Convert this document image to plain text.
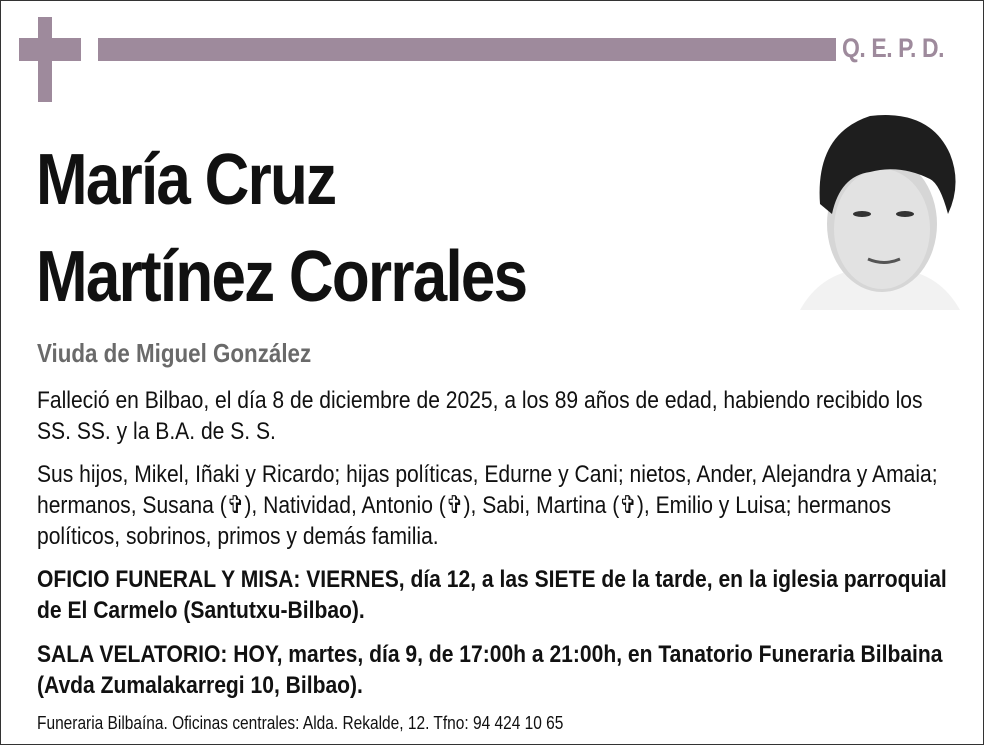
Q. E. P. D.
María Cruz
Martínez Corrales
Viuda de Miguel González
Falleció en Bilbao, el día 8 de diciembre de 2025, a los 89 años de edad, habiendo recibido los SS. SS. y la B.A. de S. S.
Sus hijos, Mikel, Iñaki y Ricardo; hijas políticas, Edurne y Cani; nietos, Ander, Alejandra y Amaia; hermanos, Susana (✞), Natividad, Antonio (✞), Sabi, Martina (✞), Emilio y Luisa; hermanos políticos, sobrinos, primos y demás familia.
OFICIO FUNERAL Y MISA: VIERNES, día 12, a las SIETE de la tarde, en la iglesia parroquial de El Carmelo (Santutxu-Bilbao).
SALA VELATORIO: HOY, martes, día 9, de 17:00h a 21:00h, en Tanatorio Funeraria Bilbaina (Avda Zumalakarregi 10, Bilbao).
Funeraria Bilbaína. Oficinas centrales: Alda. Rekalde, 12. Tfno: 94 424 10 65
